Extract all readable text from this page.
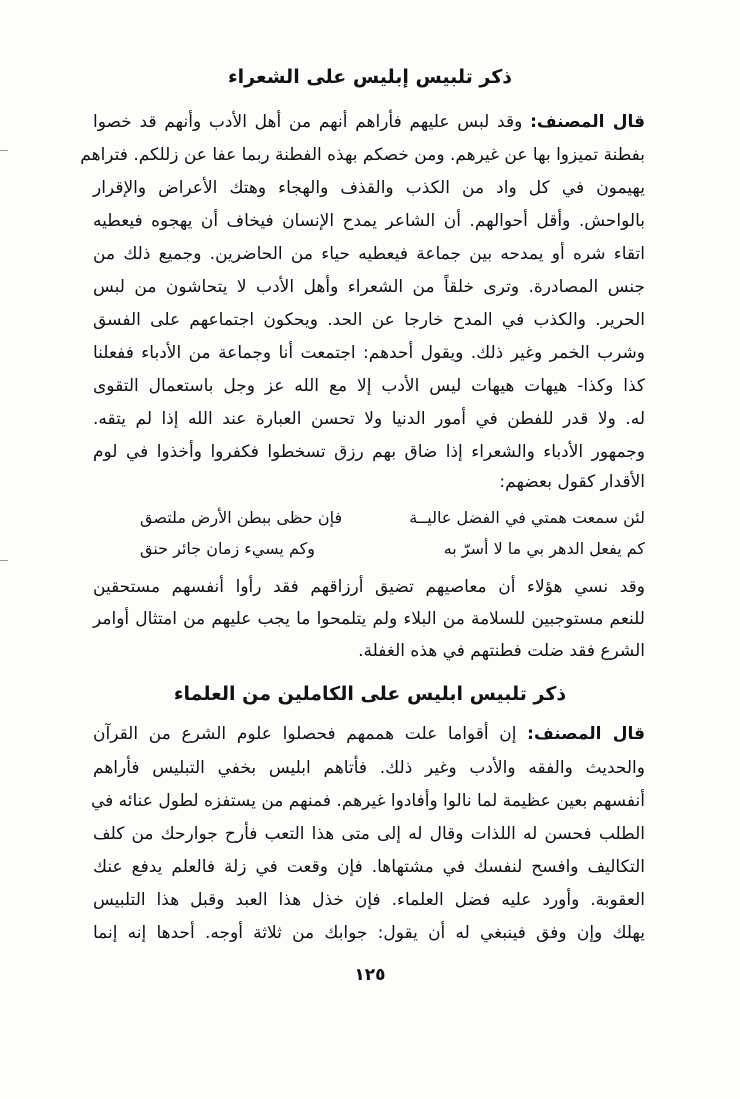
ذكر تلبيس إبليس على الشعراء
قال المصنف: وقد لبس عليهم فأراهم أنهم من أهل الأدب وأنهم قد خصوا
بفطنة تميزوا بها عن غيرهم. ومن خصكم بهذه الفطنة ربما عفا عن زللكم. فتراهم
يهيمون في كل واد من الكذب والقذف والهجاء وهتك الأعراض والإقرار
بالواحش. وأقل أحوالهم. أن الشاعر يمدح الإنسان فيخاف أن يهجوه فيعطيه
اتقاء شره أو يمدحه بين جماعة فيعطيه حياء من الحاضرين. وجميع ذلك من
جنس المصادرة. وترى خلقاً من الشعراء وأهل الأدب لا يتحاشون من لبس
الحرير. والكذب في المدح خارجا عن الحد. ويحكون اجتماعهم على الفسق
وشرب الخمر وغير ذلك. ويقول أحدهم: اجتمعت أنا وجماعة من الأدباء ففعلنا
كذا وكذا- هيهات هيهات ليس الأدب إلا مع الله عز وجل باستعمال التقوى
له. ولا قدر للفطن في أمور الدنيا ولا تحسن العبارة عند الله إذا لم يتقه.
وجمهور الأدباء والشعراء إذا ضاق بهم رزق تسخطوا فكفروا وأخذوا في لوم
الأقدار كقول بعضهم:
لئن سمعت همتي في الفضل عاليــة
فإن حظى ببطن الأرض ملتصق
كم يفعل الدهر بي ما لا أسرّ به
وكم يسيء زمان جائر حنق
وقد نسي هؤلاء أن معاصيهم تضيق أرزاقهم فقد رأوا أنفسهم مستحقين
للنعم مستوجبين للسلامة من البلاء ولم يتلمحوا ما يجب عليهم من امتثال أوامر
الشرع فقد ضلت فطنتهم في هذه الغفلة.
ذكر تلبيس ابليس على الكاملين من العلماء
قال المصنف: إن أقواما علت هممهم فحصلوا علوم الشرع من القرآن
والحديث والفقه والأدب وغير ذلك. فأتاهم ابليس بخفي التبليس فأراهم
أنفسهم بعين عظيمة لما نالوا وأفادوا غيرهم. فمنهم من يستفزه لطول عنائه في
الطلب فحسن له اللذات وقال له إلى متى هذا التعب فأرح جوارحك من كلف
التكاليف وافسح لنفسك في مشتهاها. فإن وقعت في زلة فالعلم يدفع عنك
العقوبة. وأورد عليه فضل العلماء. فإن خذل هذا العبد وقبل هذا التلبيس
يهلك وإن وفق فينبغي له أن يقول: جوابك من ثلاثة أوجه. أحدها إنه إنما
١٢٥
